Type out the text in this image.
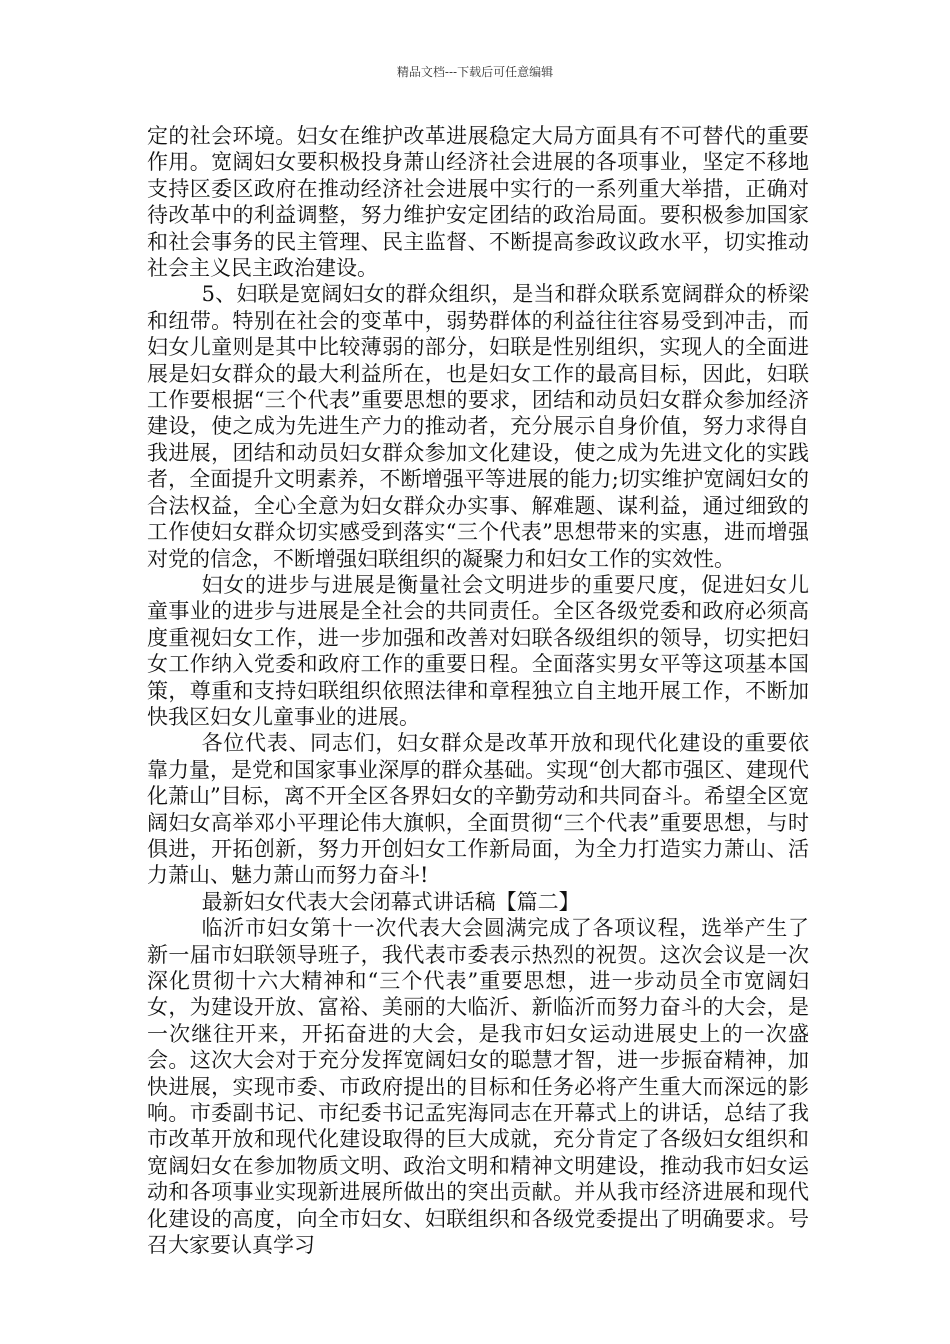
精品文档---下载后可任意编辑

定的社会环境。妇女在维护改革进展稳定大局方面具有不可替代的重要作用。宽阔妇女要积极投身萧山经济社会进展的各项事业，坚定不移地支持区委区政府在推动经济社会进展中实行的一系列重大举措，正确对待改革中的利益调整，努力维护安定团结的政治局面。要积极参加国家和社会事务的民主管理、民主监督、不断提高参政议政水平，切实推动社会主义民主政治建设。

5、妇联是宽阔妇女的群众组织，是当和群众联系宽阔群众的桥梁和纽带。特别在社会的变革中，弱势群体的利益往往容易受到冲击，而妇女儿童则是其中比较薄弱的部分，妇联是性别组织，实现人的全面进展是妇女群众的最大利益所在，也是妇女工作的最高目标，因此，妇联工作要根据“三个代表”重要思想的要求，团结和动员妇女群众参加经济建设，使之成为先进生产力的推动者，充分展示自身价值，努力求得自我进展，团结和动员妇女群众参加文化建设，使之成为先进文化的实践者，全面提升文明素养，不断增强平等进展的能力;切实维护宽阔妇女的合法权益，全心全意为妇女群众办实事、解难题、谋利益，通过细致的工作使妇女群众切实感受到落实“三个代表”思想带来的实惠，进而增强对党的信念，不断增强妇联组织的凝聚力和妇女工作的实效性。

妇女的进步与进展是衡量社会文明进步的重要尺度，促进妇女儿童事业的进步与进展是全社会的共同责任。全区各级党委和政府必须高度重视妇女工作，进一步加强和改善对妇联各级组织的领导，切实把妇女工作纳入党委和政府工作的重要日程。全面落实男女平等这项基本国策，尊重和支持妇联组织依照法律和章程独立自主地开展工作，不断加快我区妇女儿童事业的进展。

各位代表、同志们，妇女群众是改革开放和现代化建设的重要依靠力量，是党和国家事业深厚的群众基础。实现“创大都市强区、建现代化萧山”目标，离不开全区各界妇女的辛勤劳动和共同奋斗。希望全区宽阔妇女高举邓小平理论伟大旗帜，全面贯彻“三个代表”重要思想，与时俱进，开拓创新，努力开创妇女工作新局面，为全力打造实力萧山、活力萧山、魅力萧山而努力奋斗!

最新妇女代表大会闭幕式讲话稿【篇二】

临沂市妇女第十一次代表大会圆满完成了各项议程，选举产生了新一届市妇联领导班子，我代表市委表示热烈的祝贺。这次会议是一次深化贯彻十六大精神和“三个代表”重要思想，进一步动员全市宽阔妇女，为建设开放、富裕、美丽的大临沂、新临沂而努力奋斗的大会，是一次继往开来，开拓奋进的大会，是我市妇女运动进展史上的一次盛会。这次大会对于充分发挥宽阔妇女的聪慧才智，进一步振奋精神，加快进展，实现市委、市政府提出的目标和任务必将产生重大而深远的影响。市委副书记、市纪委书记孟宪海同志在开幕式上的讲话，总结了我市改革开放和现代化建设取得的巨大成就，充分肯定了各级妇女组织和宽阔妇女在参加物质文明、政治文明和精神文明建设，推动我市妇女运动和各项事业实现新进展所做出的突出贡献。并从我市经济进展和现代化建设的高度，向全市妇女、妇联组织和各级党委提出了明确要求。号召大家要认真学习
